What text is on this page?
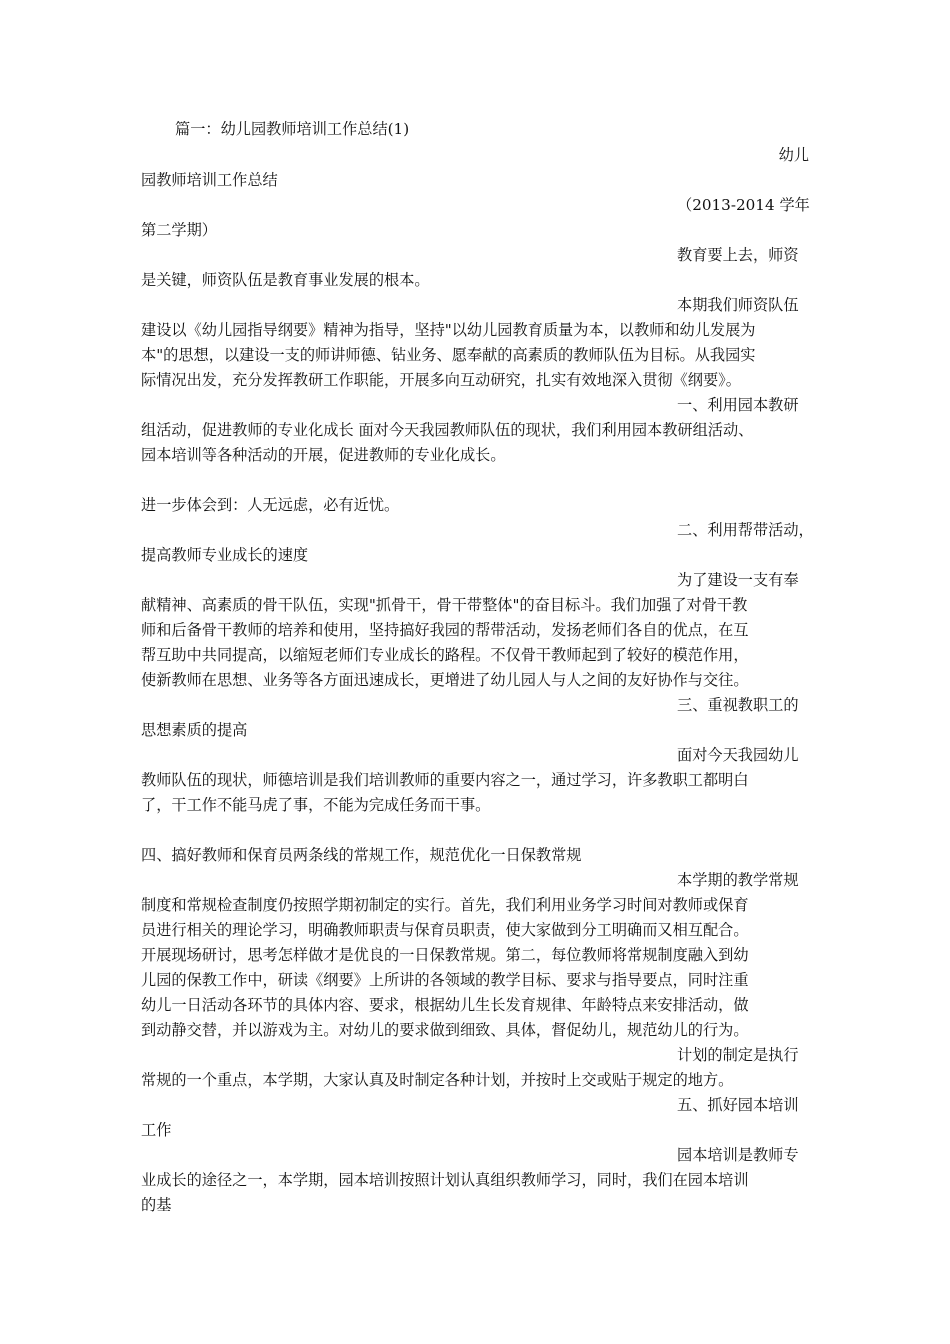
篇一：幼儿园教师培训工作总结(1)
幼儿
园教师培训工作总结
（2013-2014 学年
第二学期）
教育要上去，师资
是关键，师资队伍是教育事业发展的根本。
本期我们师资队伍
建设以《幼儿园指导纲要》精神为指导，坚持"以幼儿园教育质量为本，以教师和幼儿发展为
本"的思想，以建设一支的师讲师德、钻业务、愿奉献的高素质的教师队伍为目标。从我园实
际情况出发，充分发挥教研工作职能，开展多向互动研究，扎实有效地深入贯彻《纲要》。
一、利用园本教研
组活动，促进教师的专业化成长 面对今天我园教师队伍的现状，我们利用园本教研组活动、
园本培训等各种活动的开展，促进教师的专业化成长。
进一步体会到：人无远虑，必有近忧。
二、利用帮带活动，
提高教师专业成长的速度
为了建设一支有奉
献精神、高素质的骨干队伍，实现"抓骨干，骨干带整体"的奋目标斗。我们加强了对骨干教
师和后备骨干教师的培养和使用，坚持搞好我园的帮带活动，发扬老师们各自的优点，在互
帮互助中共同提高，以缩短老师们专业成长的路程。不仅骨干教师起到了较好的模范作用，
使新教师在思想、业务等各方面迅速成长，更增进了幼儿园人与人之间的友好协作与交往。
三、重视教职工的
思想素质的提高
面对今天我园幼儿
教师队伍的现状，师德培训是我们培训教师的重要内容之一，通过学习，许多教职工都明白
了，干工作不能马虎了事，不能为完成任务而干事。
四、搞好教师和保育员两条线的常规工作，规范优化一日保教常规
本学期的教学常规
制度和常规检查制度仍按照学期初制定的实行。首先，我们利用业务学习时间对教师或保育
员进行相关的理论学习，明确教师职责与保育员职责，使大家做到分工明确而又相互配合。
开展现场研讨，思考怎样做才是优良的一日保教常规。第二，每位教师将常规制度融入到幼
儿园的保教工作中，研读《纲要》上所讲的各领域的教学目标、要求与指导要点，同时注重
幼儿一日活动各环节的具体内容、要求，根据幼儿生长发育规律、年龄特点来安排活动，做
到动静交替，并以游戏为主。对幼儿的要求做到细致、具体，督促幼儿，规范幼儿的行为。
计划的制定是执行
常规的一个重点，本学期，大家认真及时制定各种计划，并按时上交或贴于规定的地方。
五、抓好园本培训
工作
园本培训是教师专
业成长的途径之一，本学期，园本培训按照计划认真组织教师学习，同时，我们在园本培训
的基
